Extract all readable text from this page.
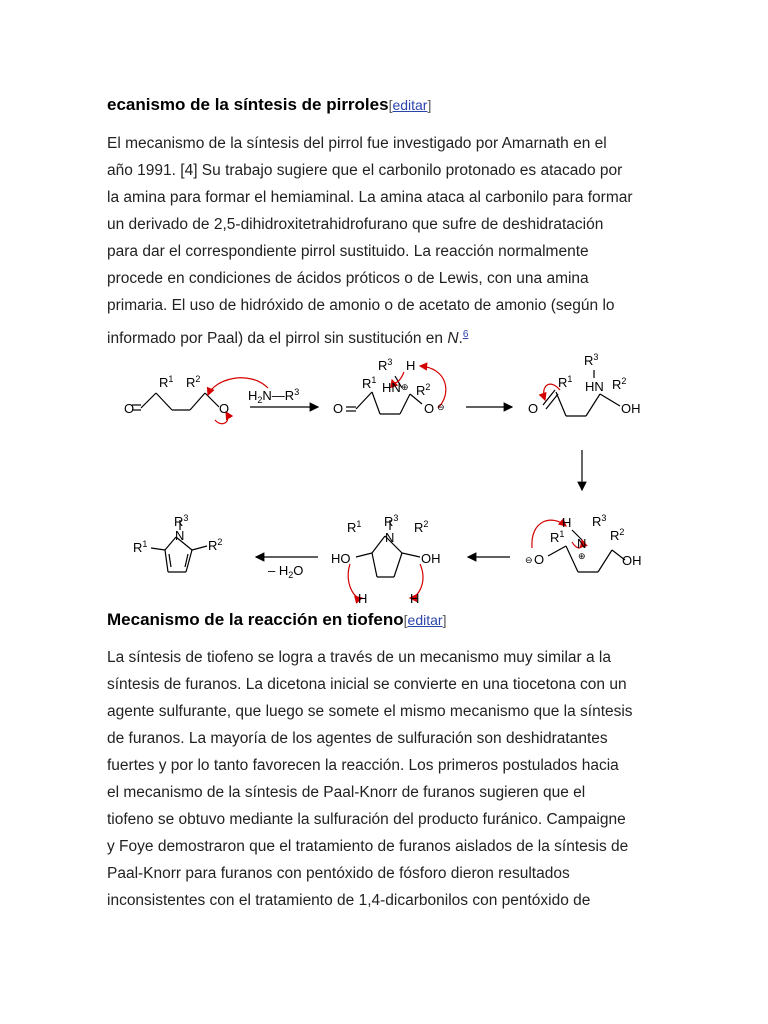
ecanismo de la síntesis de pirroles[editar]

El mecanismo de la síntesis del pirrol fue investigado por Amarnath en el
año 1991. [4] Su trabajo sugiere que el carbonilo protonado es atacado por
la amina para formar el hemiaminal. La amina ataca al carbonilo para formar
un derivado de 2,5-dihidroxitetrahidrofurano que sufre de deshidratación
para dar el correspondiente pirrol sustituido. La reacción normalmente
procede en condiciones de ácidos próticos o de Lewis, con una amina
primaria. El uso de hidróxido de amonio o de acetato de amonio (según lo
informado por Paal) da el pirrol sin sustitución en N.$^6$

Mecanismo de la reacción en tiofeno[editar]

La síntesis de tiofeno se logra a través de un mecanismo muy similar a la
síntesis de furanos. La dicetona inicial se convierte en una tiocetona con un
agente sulfurante, que luego se somete el mismo mecanismo que la síntesis
de furanos. La mayoría de los agentes de sulfuración son deshidratantes
fuertes y por lo tanto favorecen la reacción. Los primeros postulados hacia
el mecanismo de la síntesis de Paal-Knorr de furanos sugieren que el
tiofeno se obtuvo mediante la sulfuración del producto furánico. Campaigne
y Foye demostraron que el tratamiento de furanos aislados de la síntesis de
Paal-Knorr para furanos con pentóxido de fósforo dieron resultados
inconsistentes con el tratamiento de 1,4-dicarbonilos con pentóxido de

O
$R^1$ $R^2$
O
$H_2N—R^3$
O
$R^1$ HN ⊕
$R^3$ H
$R^2$
O ⊖	O
$R^1$
$R^3$
HN $R^2$
OH
⊖ O
H
N
⊕
$R^1$
$R^3$
$R^2$
OH
HO
$R^1$ $R^3$
N
$R^2$
OH
H	H
– $H_2O$
$R^3$
N
$R^1$	$R^2$
